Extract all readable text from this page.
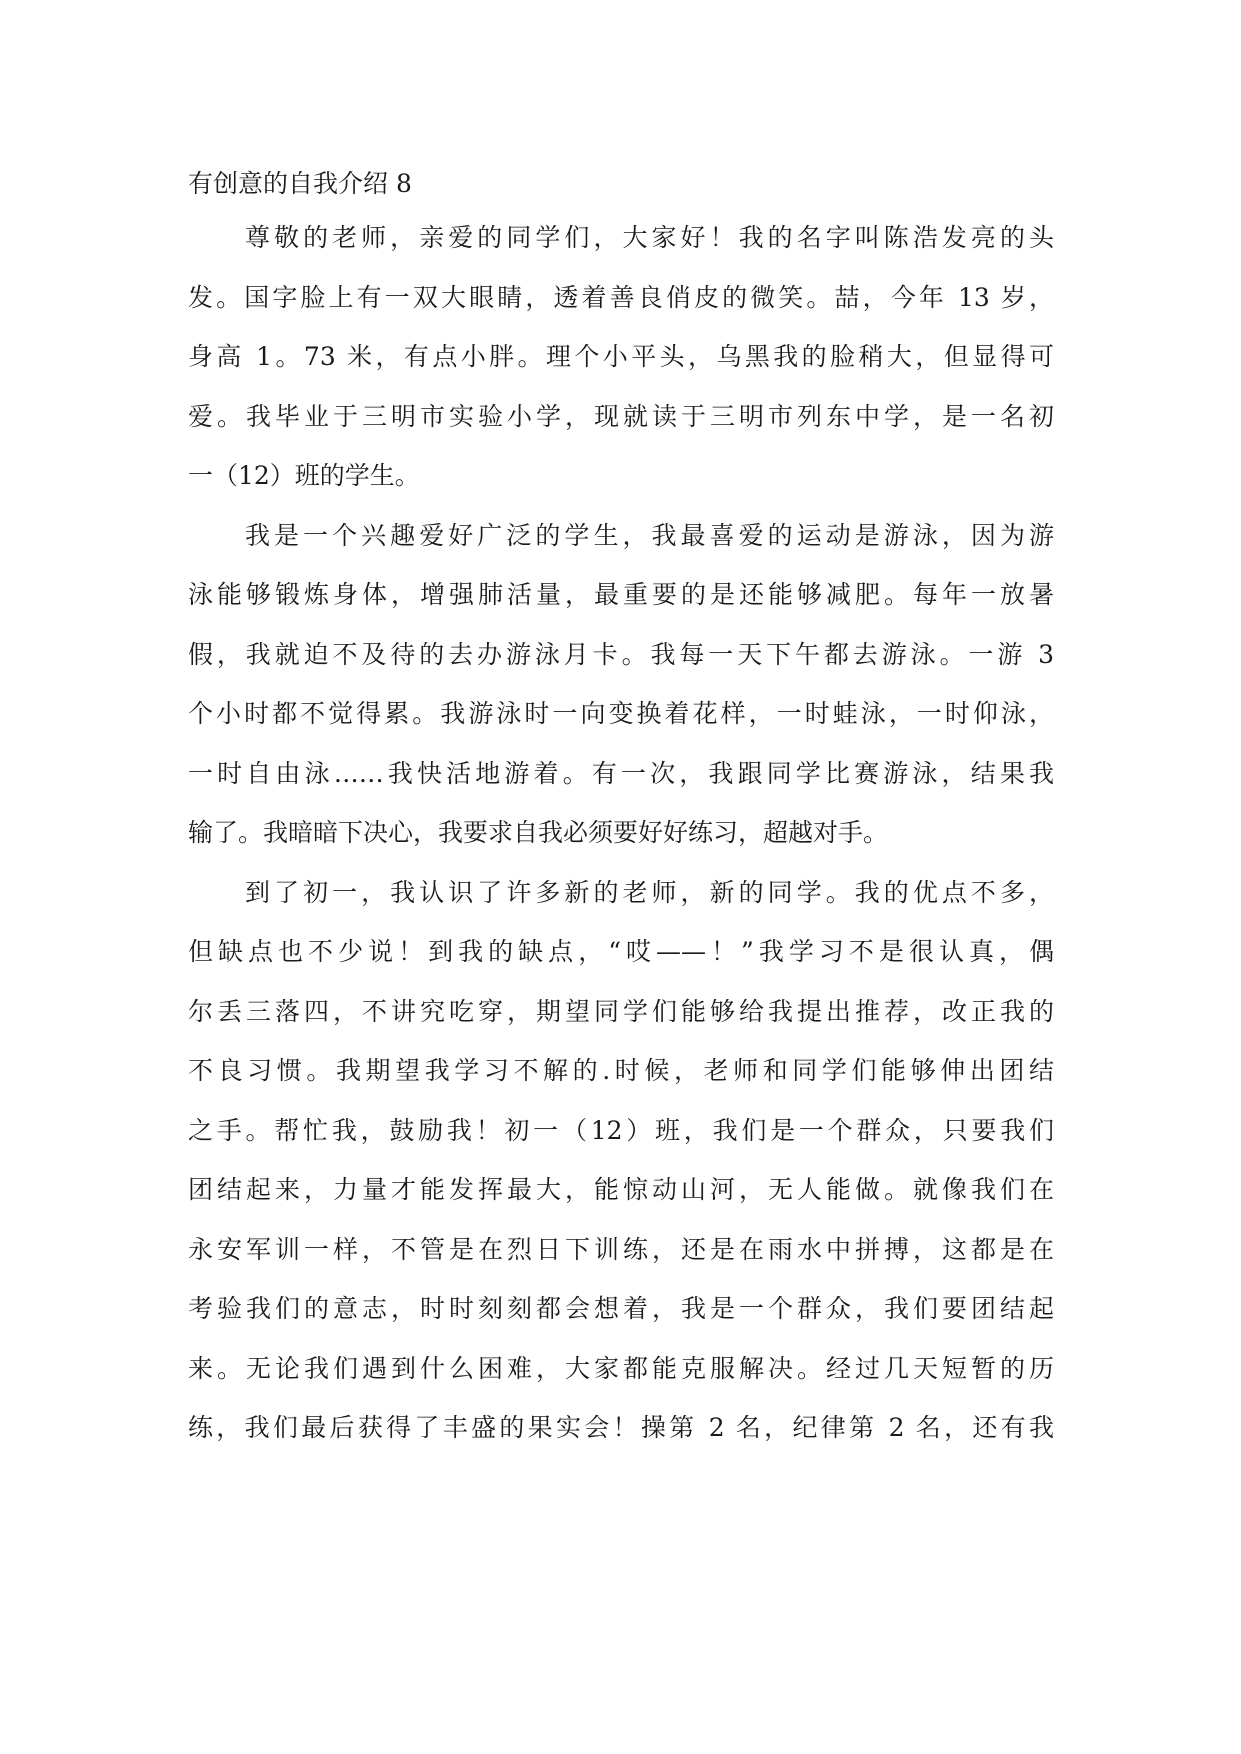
有创意的自我介绍 8
尊敬的老师，亲爱的同学们，大家好！我的名字叫陈浩发亮的头
发。国字脸上有一双大眼睛，透着善良俏皮的微笑。喆，今年 13 岁，
身高 1。73 米，有点小胖。理个小平头，乌黑我的脸稍大，但显得可
爱。我毕业于三明市实验小学，现就读于三明市列东中学，是一名初
一（12）班的学生。
我是一个兴趣爱好广泛的学生，我最喜爱的运动是游泳，因为游
泳能够锻炼身体，增强肺活量，最重要的是还能够减肥。每年一放暑
假，我就迫不及待的去办游泳月卡。我每一天下午都去游泳。一游 3
个小时都不觉得累。我游泳时一向变换着花样，一时蛙泳，一时仰泳，
一时自由泳……我快活地游着。有一次，我跟同学比赛游泳，结果我
输了。我暗暗下决心，我要求自我必须要好好练习，超越对手。
到了初一，我认识了许多新的老师，新的同学。我的优点不多，
但缺点也不少说！到我的缺点，“哎——！”我学习不是很认真，偶
尔丢三落四，不讲究吃穿，期望同学们能够给我提出推荐，改正我的
不良习惯。我期望我学习不解的.时候，老师和同学们能够伸出团结
之手。帮忙我，鼓励我！初一（12）班，我们是一个群众，只要我们
团结起来，力量才能发挥最大，能惊动山河，无人能做。就像我们在
永安军训一样，不管是在烈日下训练，还是在雨水中拼搏，这都是在
考验我们的意志，时时刻刻都会想着，我是一个群众，我们要团结起
来。无论我们遇到什么困难，大家都能克服解决。经过几天短暂的历
练，我们最后获得了丰盛的果实会！操第 2 名，纪律第 2 名，还有我
